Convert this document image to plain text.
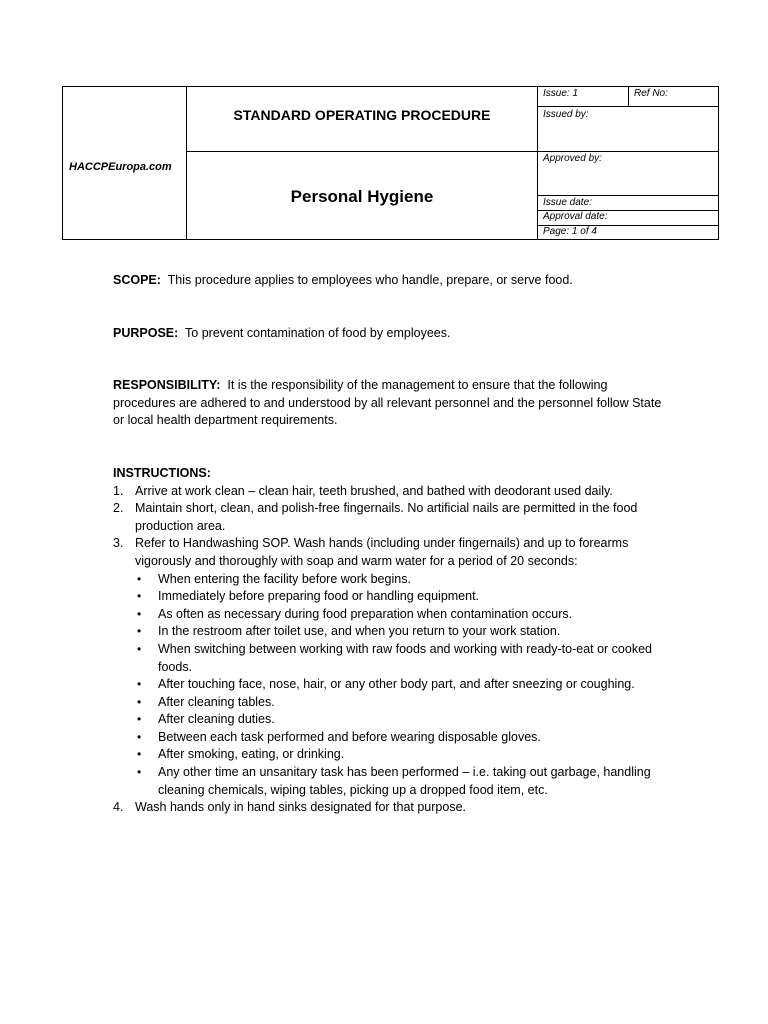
HACCPEuropa.com
STANDARD OPERATING PROCEDURE
Personal Hygiene
Issue: 1	Ref No:
Issued by:
Approved by:
Issue date:
Approval date:
Page: 1 of 4

SCOPE: This procedure applies to employees who handle, prepare, or serve food.

PURPOSE: To prevent contamination of food by employees.

RESPONSIBILITY: It is the responsibility of the management to ensure that the following procedures are adhered to and understood by all relevant personnel and the personnel follow State or local health department requirements.

INSTRUCTIONS:

1. Arrive at work clean – clean hair, teeth brushed, and bathed with deodorant used daily.
2. Maintain short, clean, and polish-free fingernails. No artificial nails are permitted in the food production area.
3. Refer to Handwashing SOP. Wash hands (including under fingernails) and up to forearms vigorously and thoroughly with soap and warm water for a period of 20 seconds:
• When entering the facility before work begins.
• Immediately before preparing food or handling equipment.
• As often as necessary during food preparation when contamination occurs.
• In the restroom after toilet use, and when you return to your work station.
• When switching between working with raw foods and working with ready-to-eat or cooked foods.
• After touching face, nose, hair, or any other body part, and after sneezing or coughing.
• After cleaning tables.
• After cleaning duties.
• Between each task performed and before wearing disposable gloves.
• After smoking, eating, or drinking.
• Any other time an unsanitary task has been performed – i.e. taking out garbage, handling cleaning chemicals, wiping tables, picking up a dropped food item, etc.
4. Wash hands only in hand sinks designated for that purpose.
